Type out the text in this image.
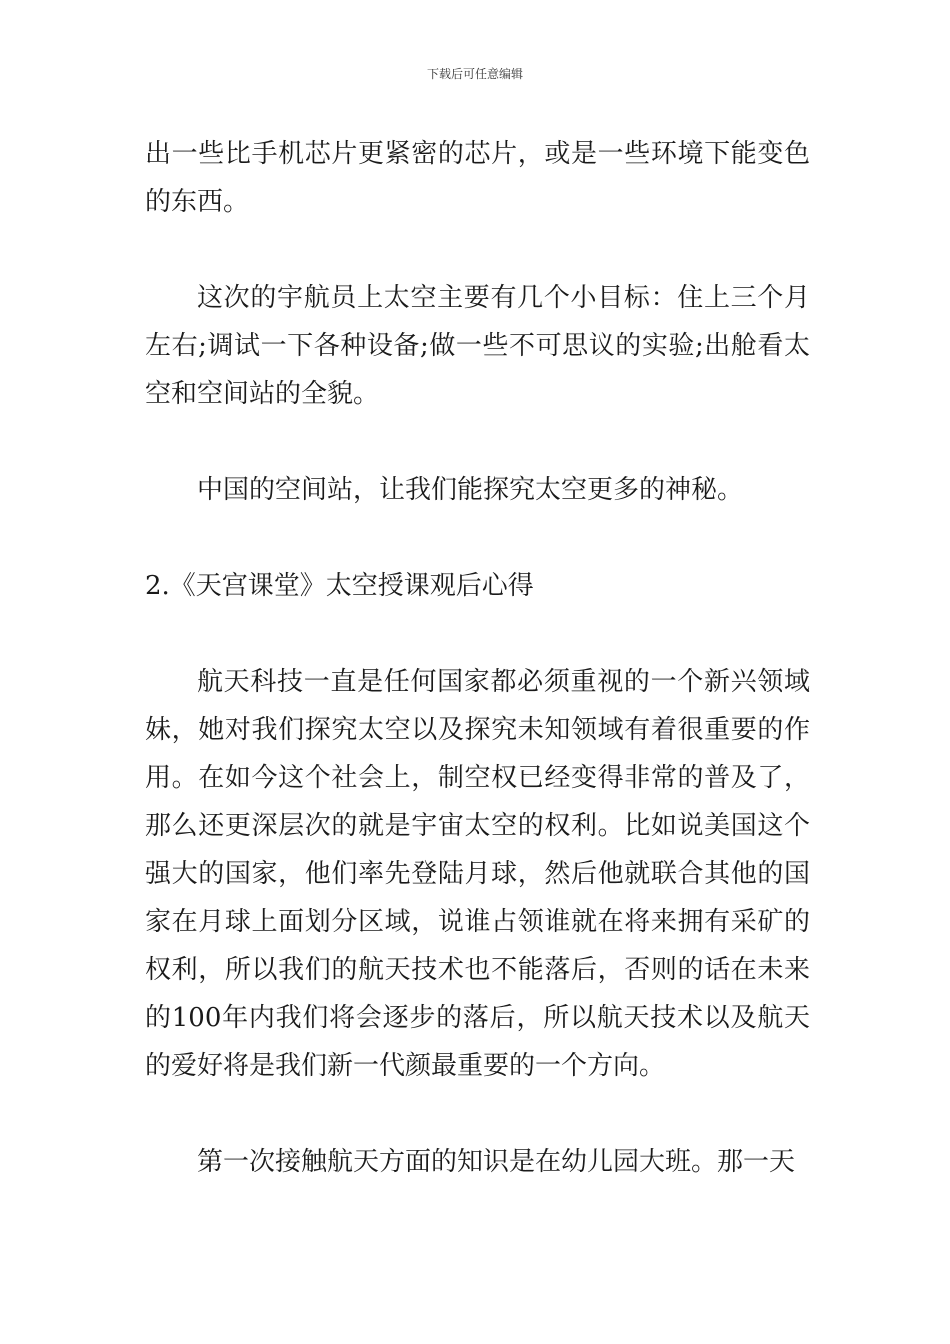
下载后可任意编辑

出一些比手机芯片更紧密的芯片，或是一些环境下能变色的东西。

这次的宇航员上太空主要有几个小目标：住上三个月左右;调试一下各种设备;做一些不可思议的实验;出舱看太空和空间站的全貌。

中国的空间站，让我们能探究太空更多的神秘。

2.《天宫课堂》太空授课观后心得

航天科技一直是任何国家都必须重视的一个新兴领域妹，她对我们探究太空以及探究未知领域有着很重要的作用。在如今这个社会上，制空权已经变得非常的普及了，那么还更深层次的就是宇宙太空的权利。比如说美国这个强大的国家，他们率先登陆月球，然后他就联合其他的国家在月球上面划分区域，说谁占领谁就在将来拥有采矿的权利，所以我们的航天技术也不能落后，否则的话在未来的100年内我们将会逐步的落后，所以航天技术以及航天的爱好将是我们新一代颜最重要的一个方向。

第一次接触航天方面的知识是在幼儿园大班。那一天
